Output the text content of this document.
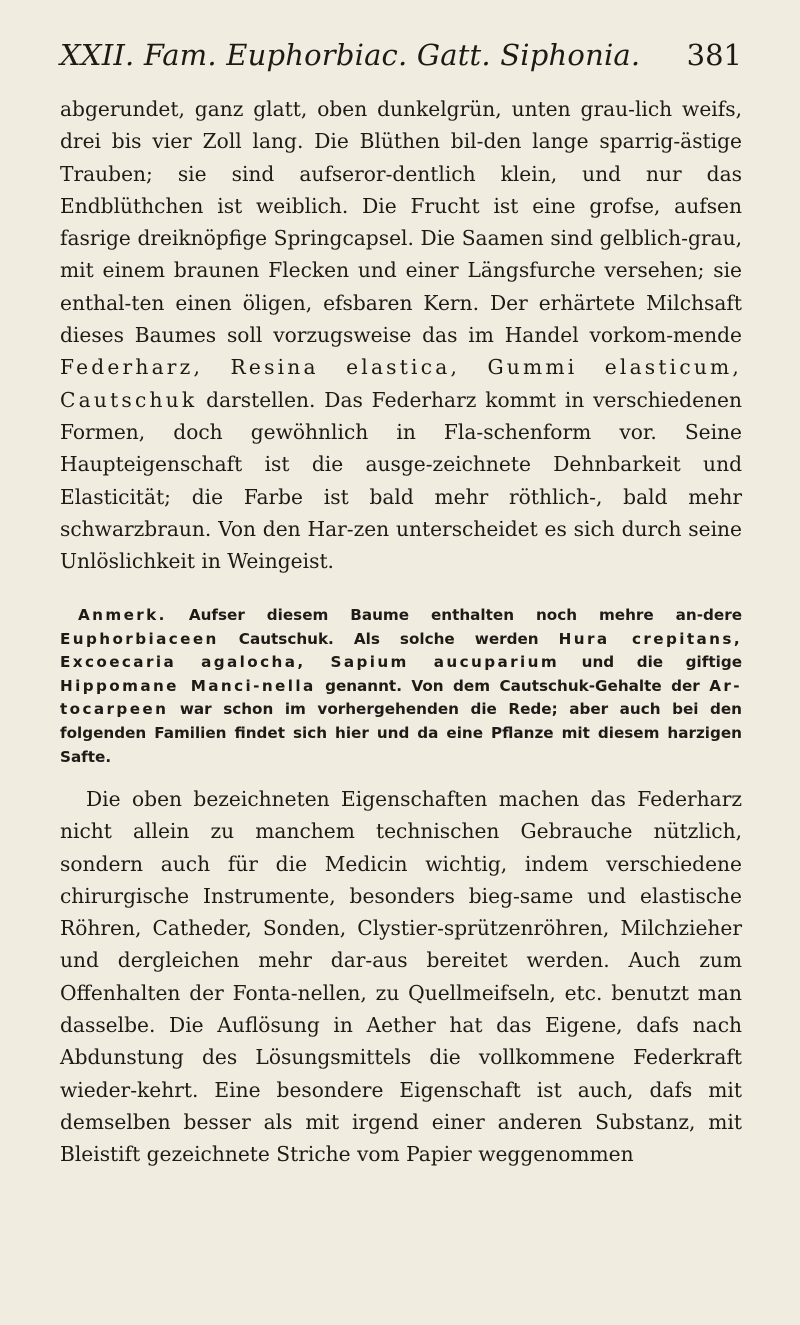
XXII. Fam. Euphorbiac. Gatt. Siphonia. 381

abgerundet, ganz glatt, oben dunkelgrün, unten grau-lich weifs, drei bis vier Zoll lang. Die Blüthen bil-den lange sparrig-ästige Trauben; sie sind aufseror-dentlich klein, und nur das Endblüthchen ist weiblich. Die Frucht ist eine grofse, aufsen fasrige dreiknöpfige Springcapsel. Die Saamen sind gelblich-grau, mit einem braunen Flecken und einer Längsfurche versehen; sie enthal-ten einen öligen, efsbaren Kern. Der erhärtete Milchsaft dieses Baumes soll vorzugsweise das im Handel vorkom-mende Federharz, Resina elastica, Gummi elasticum, Cautschuk darstellen. Das Federharz kommt in verschiedenen Formen, doch gewöhnlich in Fla-schenform vor. Seine Haupteigenschaft ist die ausge-zeichnete Dehnbarkeit und Elasticität; die Farbe ist bald mehr röthlich-, bald mehr schwarzbraun. Von den Har-zen unterscheidet es sich durch seine Unlöslichkeit in Weingeist.

Anmerk. Aufser diesem Baume enthalten noch mehre an-dere Euphorbiaceen Cautschuk. Als solche werden Hura crepitans, Excoecaria agalocha, Sapium aucuparium und die giftige Hippomane Manci-nella genannt. Von dem Cautschuk-Gehalte der Ar-tocarpeen war schon im vorhergehenden die Rede; aber auch bei den folgenden Familien findet sich hier und da eine Pflanze mit diesem harzigen Safte.

Die oben bezeichneten Eigenschaften machen das Federharz nicht allein zu manchem technischen Gebrauche nützlich, sondern auch für die Medicin wichtig, indem verschiedene chirurgische Instrumente, besonders bieg-same und elastische Röhren, Catheder, Sonden, Clystier-sprützenröhren, Milchzieher und dergleichen mehr dar-aus bereitet werden. Auch zum Offenhalten der Fonta-nellen, zu Quellmeifseln, etc. benutzt man dasselbe. Die Auflösung in Aether hat das Eigene, dafs nach Abdunstung des Lösungsmittels die vollkommene Federkraft wieder-kehrt. Eine besondere Eigenschaft ist auch, dafs mit demselben besser als mit irgend einer anderen Substanz, mit Bleistift gezeichnete Striche vom Papier weggenommen
